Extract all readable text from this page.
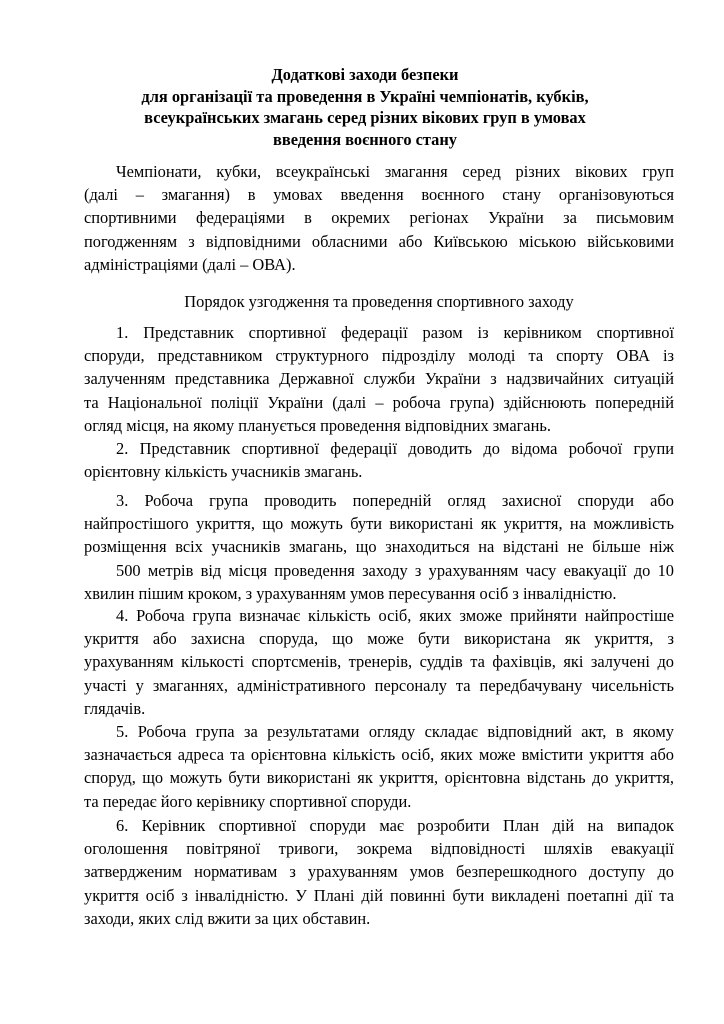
Додаткові заходи безпеки
для організації та проведення в Україні чемпіонатів, кубків,
всеукраїнських змагань серед різних вікових груп в умовах
введення воєнного стану
Чемпіонати, кубки, всеукраїнські змагання серед різних вікових груп
(далі – змагання) в умовах введення воєнного стану організовуються
спортивними федераціями в окремих регіонах України за письмовим
погодженням з відповідними обласними або Київською міською військовими
адміністраціями (далі – ОВА).
Порядок узгодження та проведення спортивного заходу
1. Представник спортивної федерації разом із керівником спортивної
споруди, представником структурного підрозділу молоді та спорту ОВА із
залученням представника Державної служби України з надзвичайних ситуацій
та Національної поліції України (далі – робоча група) здійснюють попередній
огляд місця, на якому планується проведення відповідних змагань.
2. Представник спортивної федерації доводить до відома робочої групи
орієнтовну кількість учасників змагань.
3. Робоча група проводить попередній огляд захисної споруди або
найпростішого укриття, що можуть бути використані як укриття, на можливість
розміщення всіх учасників змагань, що знаходиться на відстані не більше ніж
500 метрів від місця проведення заходу з урахуванням часу евакуації до 10
хвилин пішим кроком, з урахуванням умов пересування осіб з інвалідністю.
4. Робоча група визначає кількість осіб, яких зможе прийняти найпростіше
укриття або захисна споруда, що може бути використана як укриття, з
урахуванням кількості спортсменів, тренерів, суддів та фахівців, які залучені до
участі у змаганнях, адміністративного персоналу та передбачувану чисельність
глядачів.
5. Робоча група за результатами огляду складає відповідний акт, в якому
зазначається адреса та орієнтовна кількість осіб, яких може вмістити укриття або
споруд, що можуть бути використані як укриття, орієнтовна відстань до укриття,
та передає його керівнику спортивної споруди.
6. Керівник спортивної споруди має розробити План дій на випадок
оголошення повітряної тривоги, зокрема відповідності шляхів евакуації
затвердженим нормативам з урахуванням умов безперешкодного доступу до
укриття осіб з інвалідністю. У Плані дій повинні бути викладені поетапні дії та
заходи, яких слід вжити за цих обставин.
